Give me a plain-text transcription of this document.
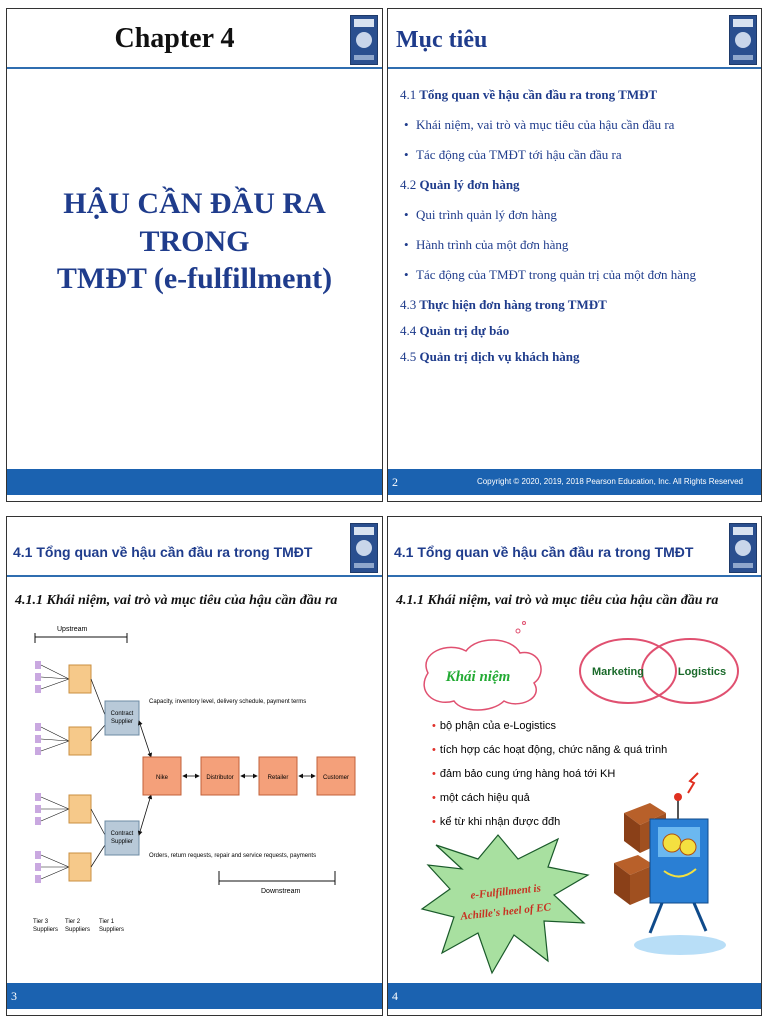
Chapter 4
HẬU CẦN ĐẦU RA TRONG
TMĐT (e-fulfillment)
Mục tiêu
4.1 Tổng quan về hậu cần đầu ra trong TMĐT
• Khái niệm, vai trò và mục tiêu của hậu cần đầu ra
• Tác động của TMĐT tới hậu cần đầu ra
4.2 Quản lý đơn hàng
• Qui trình quản lý đơn hàng
• Hành trình của một đơn hàng
• Tác động của TMĐT trong quản trị của một đơn hàng
4.3 Thực hiện đơn hàng trong TMĐT
4.4 Quản trị dự báo
4.5 Quản trị dịch vụ khách hàng
2	Copyright © 2020, 2019, 2018 Pearson Education, Inc. All Rights Reserved
4.1 Tổng quan về hậu cần đầu ra trong TMĐT
4.1.1 Khái niệm, vai trò và mục tiêu của hậu cần đầu ra
Upstream
Contract
Supplier
Contract
Supplier
Capacity, inventory level, delivery schedule, payment terms
Orders, return requests, repair and service requests, payments
Nike	Distributor	Retailer	Customer
Downstream
Tier 3
Suppliers
Tier 2
Suppliers
Tier 1
Suppliers
3
4.1 Tổng quan về hậu cần đầu ra trong TMĐT
4.1.1 Khái niệm, vai trò và mục tiêu của hậu cần đầu ra
Khái niệm	Marketing	Logistics
• bộ phận của e-Logistics
• tích hợp các hoạt động, chức năng & quá trình
• đảm bảo cung ứng hàng hoá tới KH
• một cách hiệu quả
• kể từ khi nhận được đđh
e-Fulfillment is
Achille's heel of EC
4
